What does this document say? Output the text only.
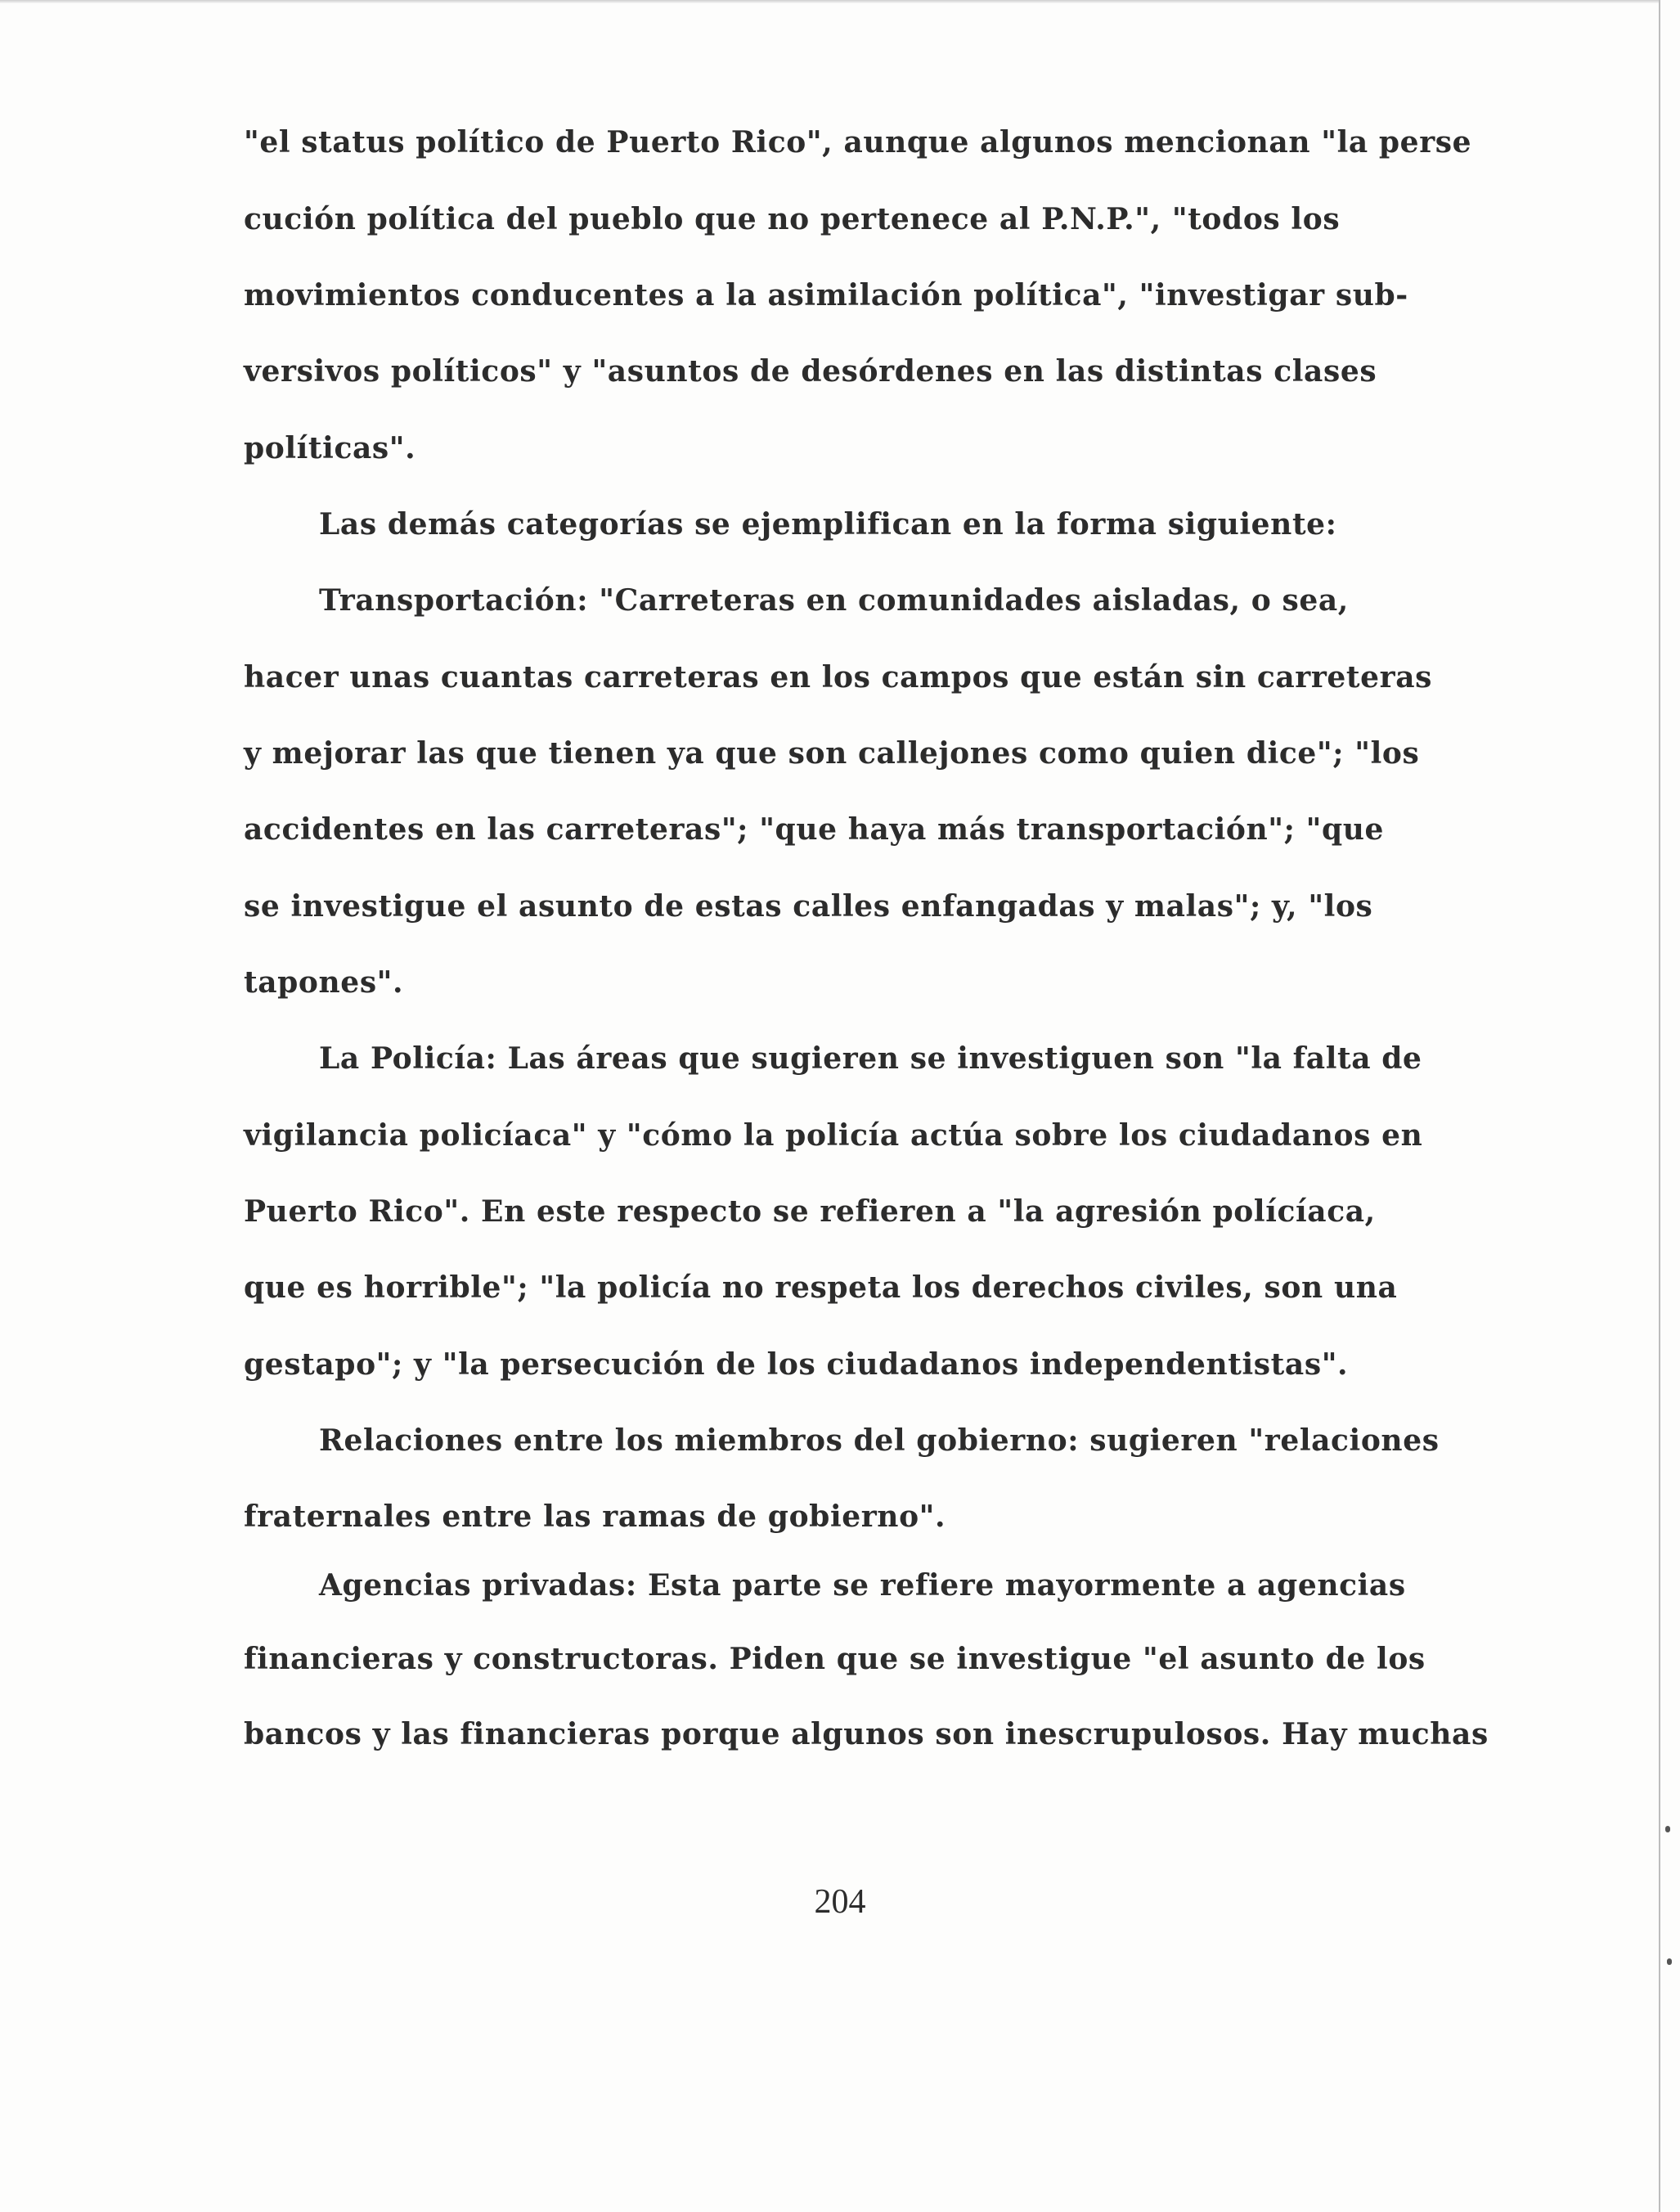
"el status político de Puerto Rico", aunque algunos mencionan "la perse

cución política del pueblo que no pertenece al P.N.P.", "todos los

movimientos conducentes a la asimilación política", "investigar sub-

versivos políticos" y "asuntos de desórdenes en las distintas clases

políticas".

Las demás categorías se ejemplifican en la forma siguiente:

Transportación: "Carreteras en comunidades aisladas, o sea,

hacer unas cuantas carreteras en los campos que están sin carreteras

y mejorar las que tienen ya que son callejones como quien dice"; "los

accidentes en las carreteras"; "que haya más transportación"; "que

se investigue el asunto de estas calles enfangadas y malas"; y, "los

tapones".

La Policía: Las áreas que sugieren se investiguen son "la falta de

vigilancia policíaca" y "cómo la policía actúa sobre los ciudadanos en

Puerto Rico". En este respecto se refieren a "la agresión polícíaca,

que es horrible"; "la policía no respeta los derechos civiles, son una

gestapo"; y "la persecución de los ciudadanos independentistas".

Relaciones entre los miembros del gobierno: sugieren "relaciones

fraternales entre las ramas de gobierno".

Agencias privadas: Esta parte se refiere mayormente a agencias

financieras y constructoras. Piden que se investigue "el asunto de los

bancos y las financieras porque algunos son inescrupulosos. Hay muchas

204
